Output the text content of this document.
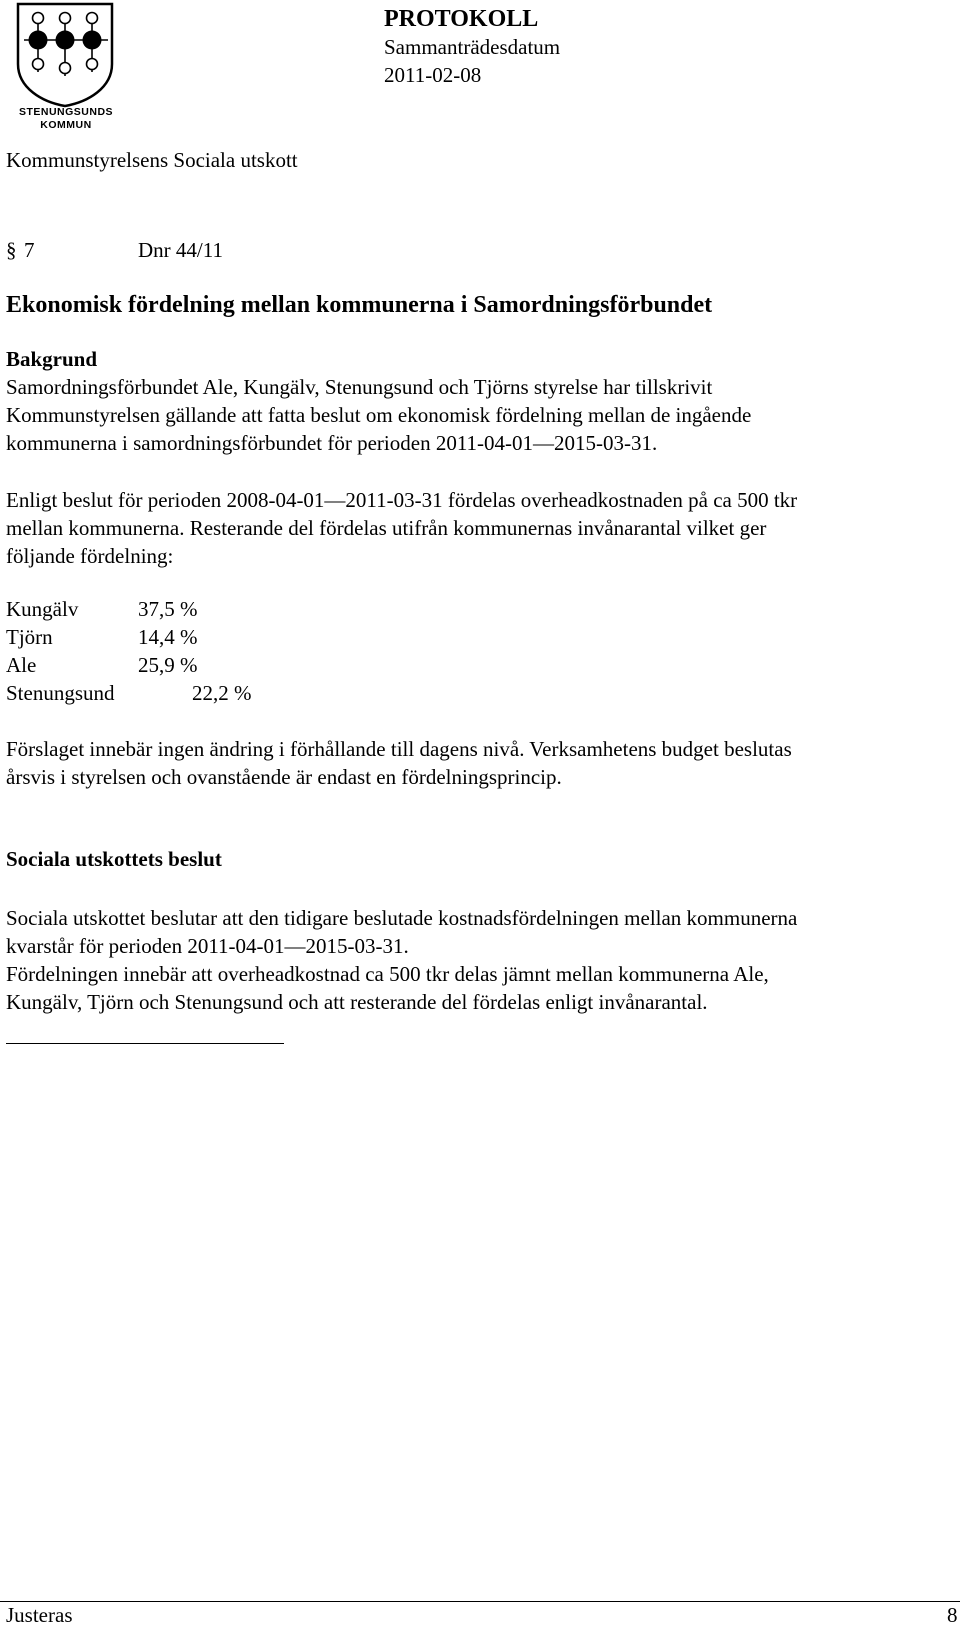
STENUNGSUNDS
KOMMUN
PROTOKOLL
Sammanträdesdatum
2011-02-08
Kommunstyrelsens Sociala utskott
§ 7	Dnr 44/11
Ekonomisk fördelning mellan kommunerna i Samordningsförbundet
Bakgrund
Samordningsförbundet Ale, Kungälv, Stenungsund och Tjörns styrelse har tillskrivit
Kommunstyrelsen gällande att fatta beslut om ekonomisk fördelning mellan de ingående
kommunerna i samordningsförbundet för perioden 2011-04-01—2015-03-31.
Enligt beslut för perioden 2008-04-01—2011-03-31 fördelas overheadkostnaden på ca 500 tkr
mellan kommunerna. Resterande del fördelas utifrån kommunernas invånarantal vilket ger
följande fördelning:
Kungälv	37,5 %
Tjörn	14,4 %
Ale	25,9 %
Stenungsund	22,2 %
Förslaget innebär ingen ändring i förhållande till dagens nivå. Verksamhetens budget beslutas
årsvis i styrelsen och ovanstående är endast en fördelningsprincip.
Sociala utskottets beslut
Sociala utskottet beslutar att den tidigare beslutade kostnadsfördelningen mellan kommunerna
kvarstår för perioden 2011-04-01—2015-03-31.
Fördelningen innebär att overheadkostnad ca 500 tkr delas jämnt mellan kommunerna Ale,
Kungälv, Tjörn och Stenungsund och att resterande del fördelas enligt invånarantal.
Justeras	8
